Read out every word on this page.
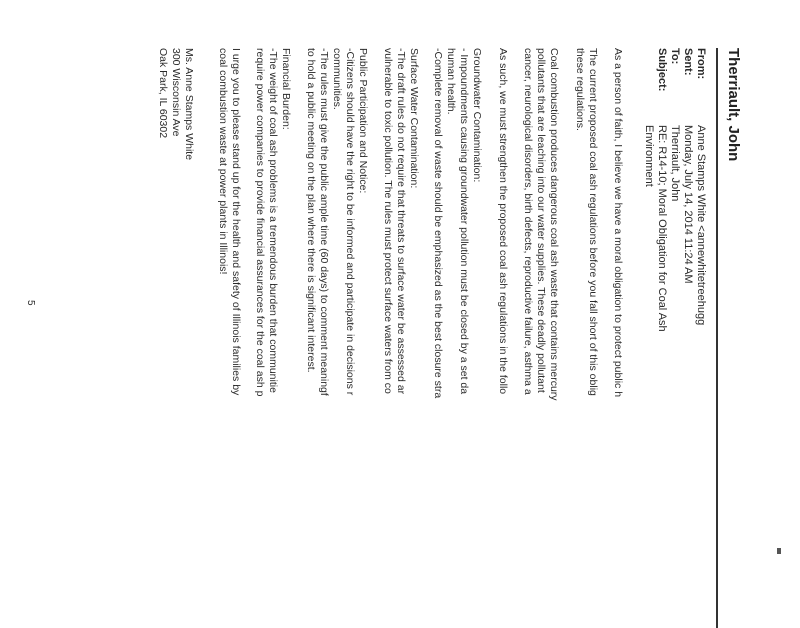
Therriault, John
From:
Anne Stamps White <annewhitetreehugg
Sent:
Monday, July 14, 2014 11:24 AM
To:
Therriault, John
Subject:
RE: R14-10; Moral Obligation for Coal Ash
Environment
As a person of faith, I believe we have a moral obligation to protect public h
The current proposed coal ash regulations before you fall short of this oblig
these regulations.
Coal combustion produces dangerous coal ash waste that contains mercury
pollutants that are leaching into our water supplies. These deadly pollutant
cancer, neurological disorders, birth defects, reproductive failure, asthma a
As such, we must strengthen the proposed coal ash regulations in the follo
Groundwater Contamination:
- Impoundments causing groundwater pollution must be closed by a set da
human health.
-Complete removal of waste should be emphasized as the best closure stra
Surface Water Contamination:
-The draft rules do not require that threats to surface water be assessed ar
vulnerable to toxic pollution. The rules must protect surface waters from co
Public Participation and Notice:
-Citizens should have the right to be informed and participate in decisions r
communities.
-The rules must give the public ample time (60 days) to comment meaningf
to hold a public meeting on the plan where there is significant interest.
Financial Burden:
-The weight of coal ash problems is a tremendous burden that communitie
require power companies to provide financial assurances for the coal ash p
I urge you to please stand up for the health and safety of Illinois families by
coal combustion waste at power plants in Illinois!
Ms. Anne Stamps White
300 Wisconsin Ave
Oak Park, IL 60302
5
